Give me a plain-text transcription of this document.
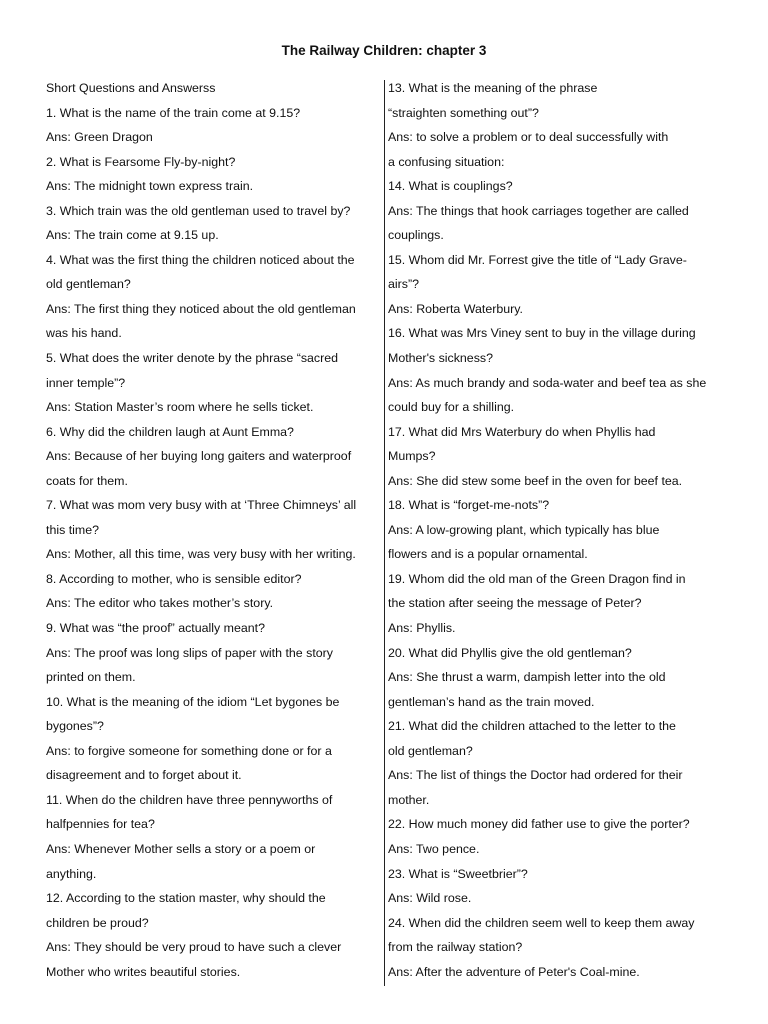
The Railway Children: chapter 3
Short Questions and Answerss
1. What is the name of the train come at 9.15?
Ans: Green Dragon
2. What is Fearsome Fly-by-night?
Ans: The midnight town express train.
3. Which train was the old gentleman used to travel by?
Ans: The train come at 9.15 up.
4. What was the first thing the children noticed about the
old gentleman?
Ans: The first thing they noticed about the old gentleman
was his hand.
5. What does the writer denote by the phrase “sacred
inner temple”?
Ans: Station Master’s room where he sells ticket.
6. Why did the children laugh at Aunt Emma?
Ans: Because of her buying long gaiters and waterproof
coats for them.
7. What was mom very busy with at ‘Three Chimneys’ all
this time?
Ans: Mother, all this time, was very busy with her writing.
8. According to mother, who is sensible editor?
Ans: The editor who takes mother’s story.
9. What was “the proof” actually meant?
Ans: The proof was long slips of paper with the story
printed on them.
10. What is the meaning of the idiom “Let bygones be
bygones”?
Ans: to forgive someone for something done or for a
disagreement and to forget about it.
11. When do the children have three pennyworths of
halfpennies for tea?
Ans: Whenever Mother sells a story or a poem or
anything.
12. According to the station master, why should the
children be proud?
Ans: They should be very proud to have such a clever
Mother who writes beautiful stories.
13. What is the meaning of the phrase
“straighten something out”?
Ans: to solve a problem or to deal successfully with
a confusing situation:
14. What is couplings?
Ans: The things that hook carriages together are called
couplings.
15. Whom did Mr. Forrest give the title of “Lady Grave-
airs”?
Ans: Roberta Waterbury.
16. What was Mrs Viney sent to buy in the village during
Mother's sickness?
Ans: As much brandy and soda-water and beef tea as she
could buy for a shilling.
17. What did Mrs Waterbury do when Phyllis had
Mumps?
Ans: She did stew some beef in the oven for beef tea.
18. What is “forget-me-nots”?
Ans: A low-growing plant, which typically has blue
flowers and is a popular ornamental.
19. Whom did the old man of the Green Dragon find in
the station after seeing the message of Peter?
Ans: Phyllis.
20. What did Phyllis give the old gentleman?
Ans: She thrust a warm, dampish letter into the old
gentleman’s hand as the train moved.
21. What did the children attached to the letter to the
old gentleman?
Ans: The list of things the Doctor had ordered for their
mother.
22. How much money did father use to give the porter?
Ans: Two pence.
23. What is “Sweetbrier”?
Ans: Wild rose.
24. When did the children seem well to keep them away
from the railway station?
Ans: After the adventure of Peter's Coal-mine.
